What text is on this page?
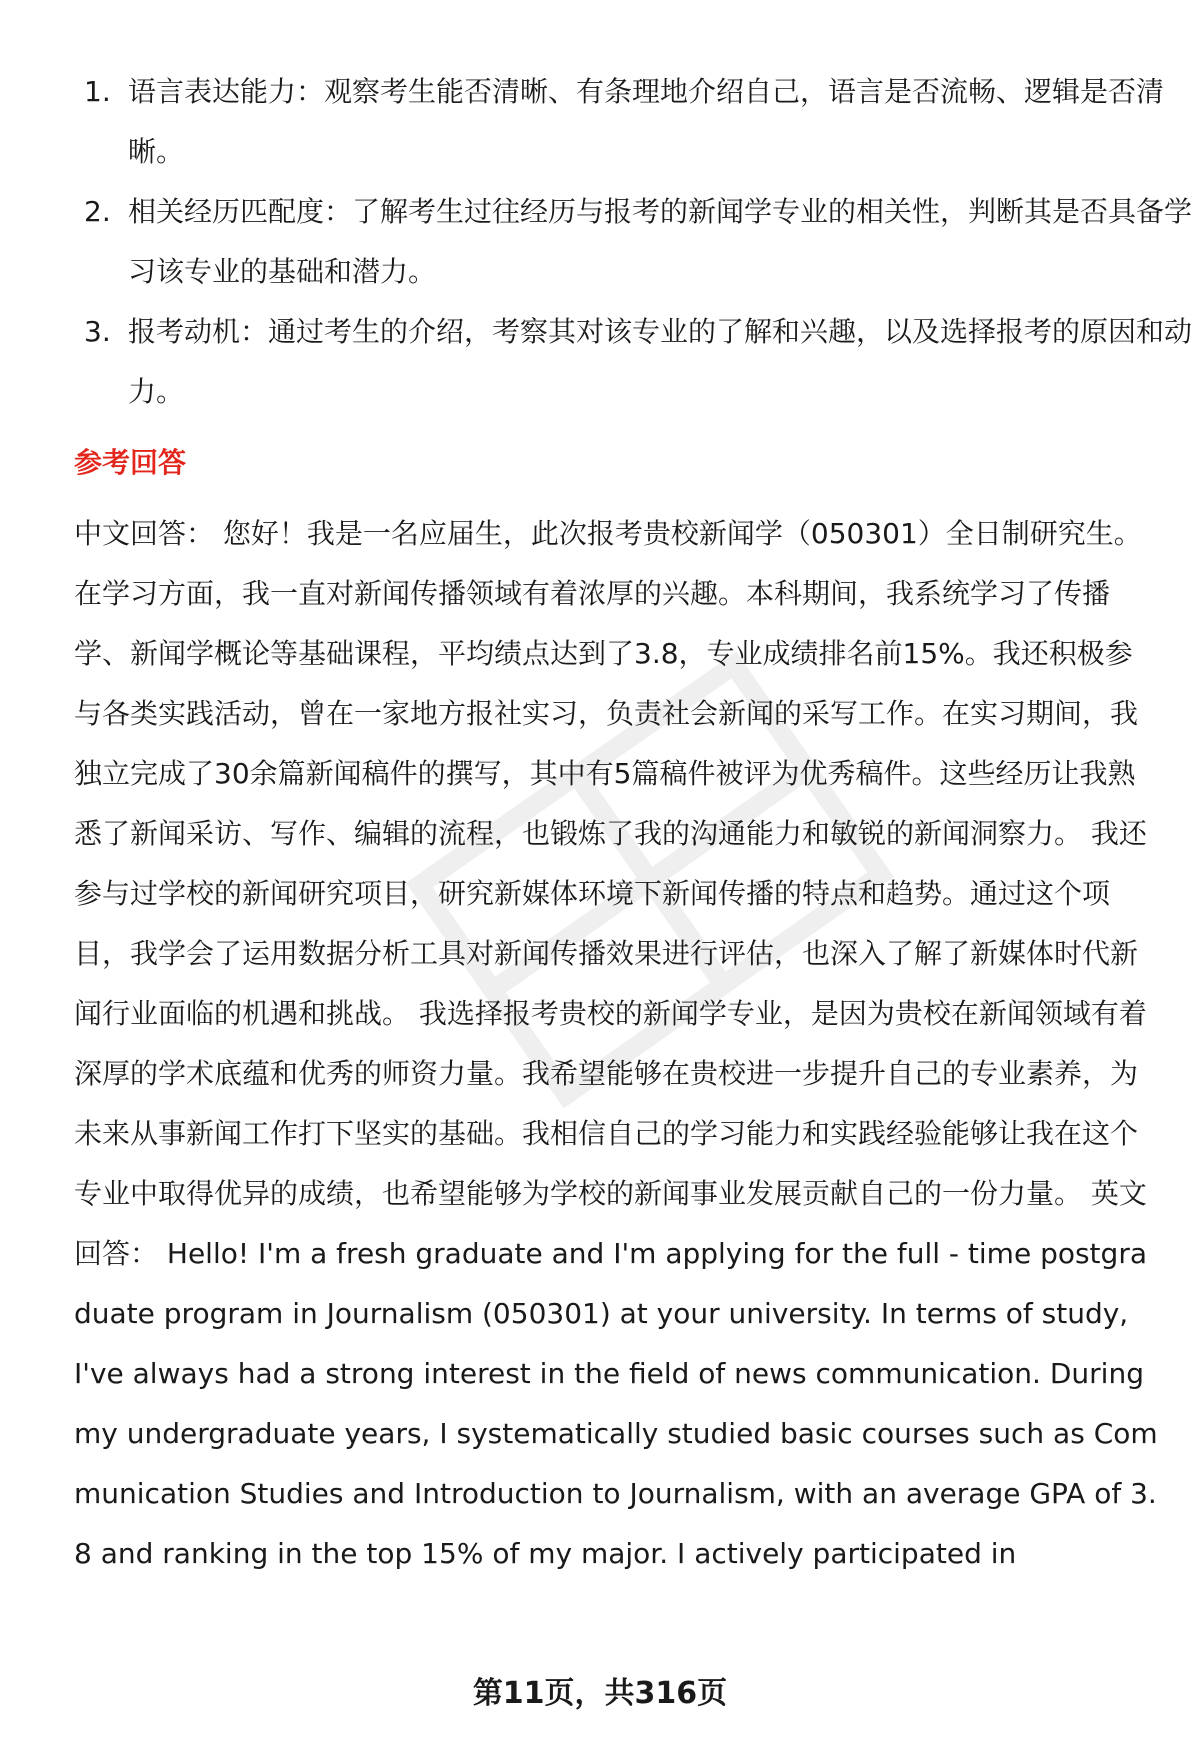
1. 语言表达能力：观察考生能否清晰、有条理地介绍自己，语言是否流畅、逻辑是否清晰。
2. 相关经历匹配度：了解考生过往经历与报考的新闻学专业的相关性，判断其是否具备学习该专业的基础和潜力。
3. 报考动机：通过考生的介绍，考察其对该专业的了解和兴趣，以及选择报考的原因和动力。
参考回答

中文回答： 您好！我是一名应届生，此次报考贵校新闻学（050301）全日制研究生。在学习方面，我一直对新闻传播领域有着浓厚的兴趣。本科期间，我系统学习了传播学、新闻学概论等基础课程，平均绩点达到了3.8，专业成绩排名前15%。我还积极参与各类实践活动，曾在一家地方报社实习，负责社会新闻的采写工作。在实习期间，我独立完成了30余篇新闻稿件的撰写，其中有5篇稿件被评为优秀稿件。这些经历让我熟悉了新闻采访、写作、编辑的流程，也锻炼了我的沟通能力和敏锐的新闻洞察力。 我还参与过学校的新闻研究项目，研究新媒体环境下新闻传播的特点和趋势。通过这个项目，我学会了运用数据分析工具对新闻传播效果进行评估，也深入了解了新媒体时代新闻行业面临的机遇和挑战。 我选择报考贵校的新闻学专业，是因为贵校在新闻领域有着深厚的学术底蕴和优秀的师资力量。我希望能够在贵校进一步提升自己的专业素养，为未来从事新闻工作打下坚实的基础。我相信自己的学习能力和实践经验能够让我在这个专业中取得优异的成绩，也希望能够为学校的新闻事业发展贡献自己的一份力量。 英文回答： Hello! I'm a fresh graduate and I'm applying for the full - time postgraduate program in Journalism (050301) at your university. In terms of study, I've always had a strong interest in the field of news communication. During my undergraduate years, I systematically studied basic courses such as Communication Studies and Introduction to Journalism, with an average GPA of 3.8 and ranking in the top 15% of my major. I actively participated in

第11页，共316页
